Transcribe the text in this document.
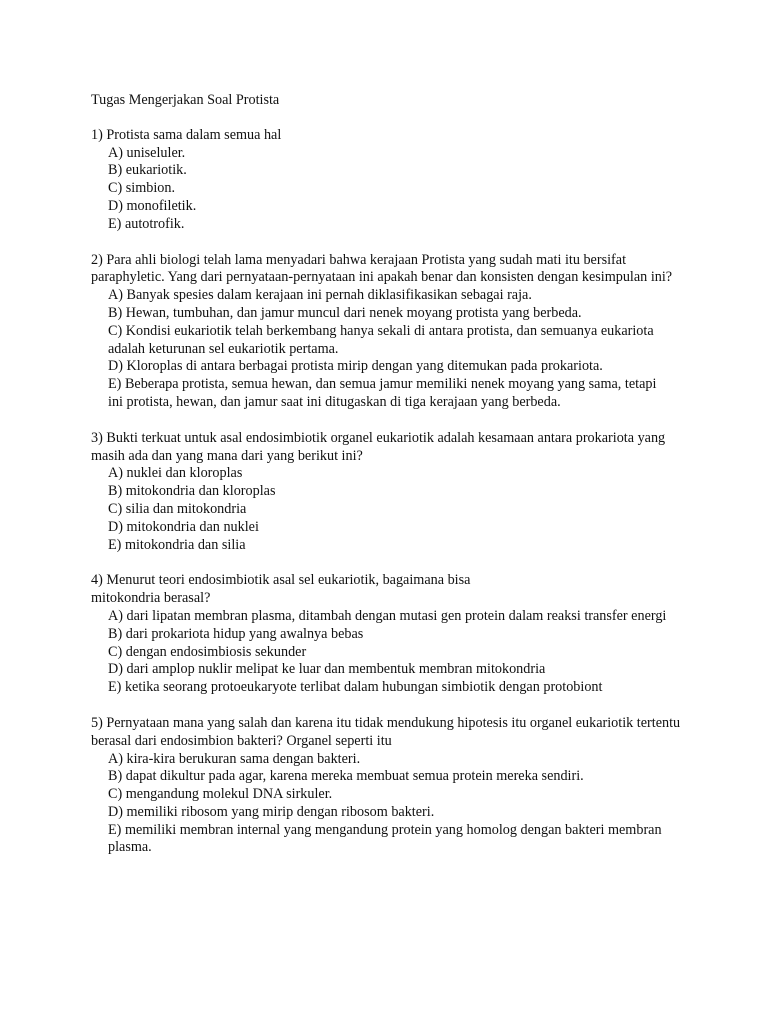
Tugas Mengerjakan Soal Protista

1) Protista sama dalam semua hal

A) uniseluler.
B) eukariotik.
C) simbion.
D) monofiletik.
E) autotrofik.

2) Para ahli biologi telah lama menyadari bahwa kerajaan Protista yang sudah mati itu bersifat paraphyletic. Yang dari pernyataan-pernyataan ini apakah benar dan konsisten dengan kesimpulan ini?

A) Banyak spesies dalam kerajaan ini pernah diklasifikasikan sebagai raja.
B) Hewan, tumbuhan, dan jamur muncul dari nenek moyang protista yang berbeda.
C) Kondisi eukariotik telah berkembang hanya sekali di antara protista, dan semuanya eukariota adalah keturunan sel eukariotik pertama.
D) Kloroplas di antara berbagai protista mirip dengan yang ditemukan pada prokariota.
E) Beberapa protista, semua hewan, dan semua jamur memiliki nenek moyang yang sama, tetapi ini protista, hewan, dan jamur saat ini ditugaskan di tiga kerajaan yang berbeda.

3) Bukti terkuat untuk asal endosimbiotik organel eukariotik adalah kesamaan antara prokariota yang masih ada dan yang mana dari yang berikut ini?

A) nuklei dan kloroplas
B) mitokondria dan kloroplas
C) silia dan mitokondria
D) mitokondria dan nuklei
E) mitokondria dan silia

4) Menurut teori endosimbiotik asal sel eukariotik, bagaimana bisa mitokondria berasal?

A) dari lipatan membran plasma, ditambah dengan mutasi gen protein dalam reaksi transfer energi
B) dari prokariota hidup yang awalnya bebas
C) dengan endosimbiosis sekunder
D) dari amplop nuklir melipat ke luar dan membentuk membran mitokondria
E) ketika seorang protoeukaryote terlibat dalam hubungan simbiotik dengan protobiont

5) Pernyataan mana yang salah dan karena itu tidak mendukung hipotesis itu organel eukariotik tertentu berasal dari endosimbion bakteri? Organel seperti itu

A) kira-kira berukuran sama dengan bakteri.
B) dapat dikultur pada agar, karena mereka membuat semua protein mereka sendiri.
C) mengandung molekul DNA sirkuler.
D) memiliki ribosom yang mirip dengan ribosom bakteri.
E) memiliki membran internal yang mengandung protein yang homolog dengan bakteri membran plasma.
